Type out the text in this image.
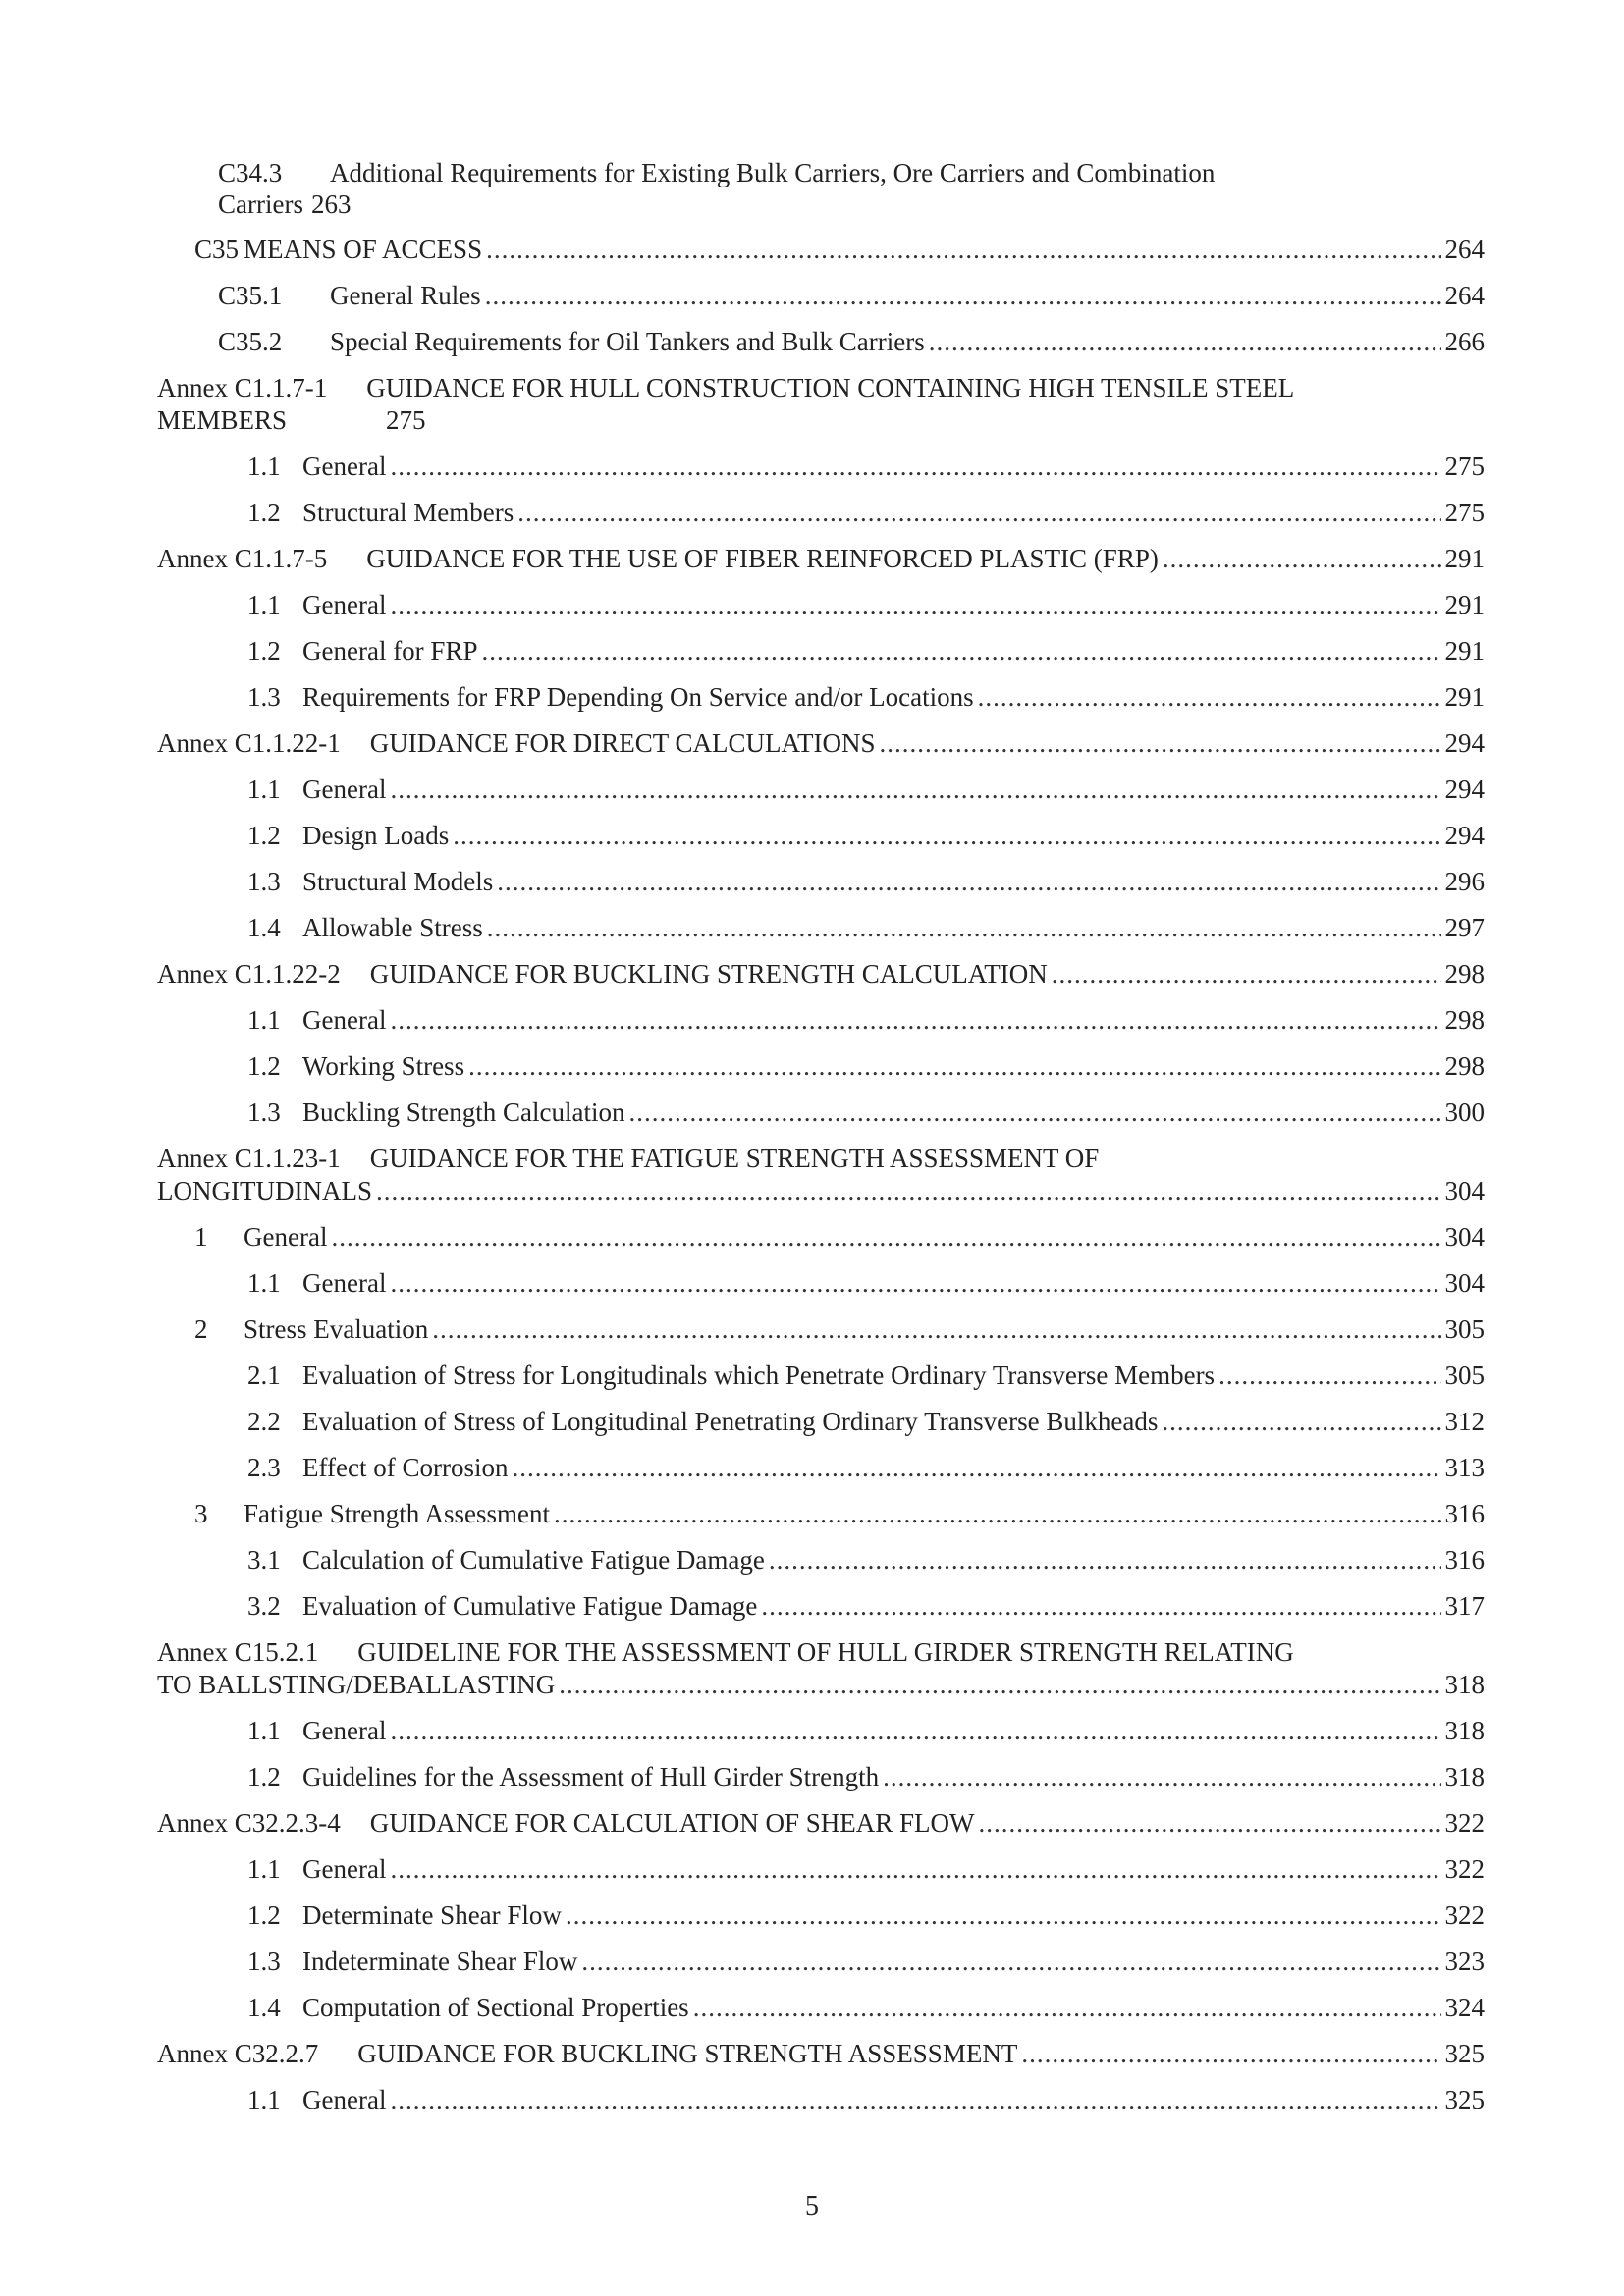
C34.3 Additional Requirements for Existing Bulk Carriers, Ore Carriers and Combination
Carriers 263
C35 MEANS OF ACCESS .....	264
C35.1 General Rules .....	264
C35.2 Special Requirements for Oil Tankers and Bulk Carriers .....	266
Annex C1.1.7-1 GUIDANCE FOR HULL CONSTRUCTION CONTAINING HIGH TENSILE STEEL
MEMBERS	275
1.1 General .....	275
1.2 Structural Members .....	275
Annex C1.1.7-5 GUIDANCE FOR THE USE OF FIBER REINFORCED PLASTIC (FRP) .....	291
1.1 General .....	291
1.2 General for FRP .....	291
1.3 Requirements for FRP Depending On Service and/or Locations .....	291
Annex C1.1.22-1 GUIDANCE FOR DIRECT CALCULATIONS .....	294
1.1 General .....	294
1.2 Design Loads .....	294
1.3 Structural Models .....	296
1.4 Allowable Stress .....	297
Annex C1.1.22-2 GUIDANCE FOR BUCKLING STRENGTH CALCULATION .....	298
1.1 General .....	298
1.2 Working Stress .....	298
1.3 Buckling Strength Calculation .....	300
Annex C1.1.23-1 GUIDANCE FOR THE FATIGUE STRENGTH ASSESSMENT OF
LONGITUDINALS .....	304
1 General .....	304
1.1 General .....	304
2 Stress Evaluation .....	305
2.1 Evaluation of Stress for Longitudinals which Penetrate Ordinary Transverse Members .....	305
2.2 Evaluation of Stress of Longitudinal Penetrating Ordinary Transverse Bulkheads .....	312
2.3 Effect of Corrosion .....	313
3 Fatigue Strength Assessment .....	316
3.1 Calculation of Cumulative Fatigue Damage .....	316
3.2 Evaluation of Cumulative Fatigue Damage .....	317
Annex C15.2.1 GUIDELINE FOR THE ASSESSMENT OF HULL GIRDER STRENGTH RELATING
TO BALLSTING/DEBALLASTING .....	318
1.1 General .....	318
1.2 Guidelines for the Assessment of Hull Girder Strength .....	318
Annex C32.2.3-4 GUIDANCE FOR CALCULATION OF SHEAR FLOW .....	322
1.1 General .....	322
1.2 Determinate Shear Flow .....	322
1.3 Indeterminate Shear Flow .....	323
1.4 Computation of Sectional Properties .....	324
Annex C32.2.7 GUIDANCE FOR BUCKLING STRENGTH ASSESSMENT .....	325
1.1 General .....	325
5
